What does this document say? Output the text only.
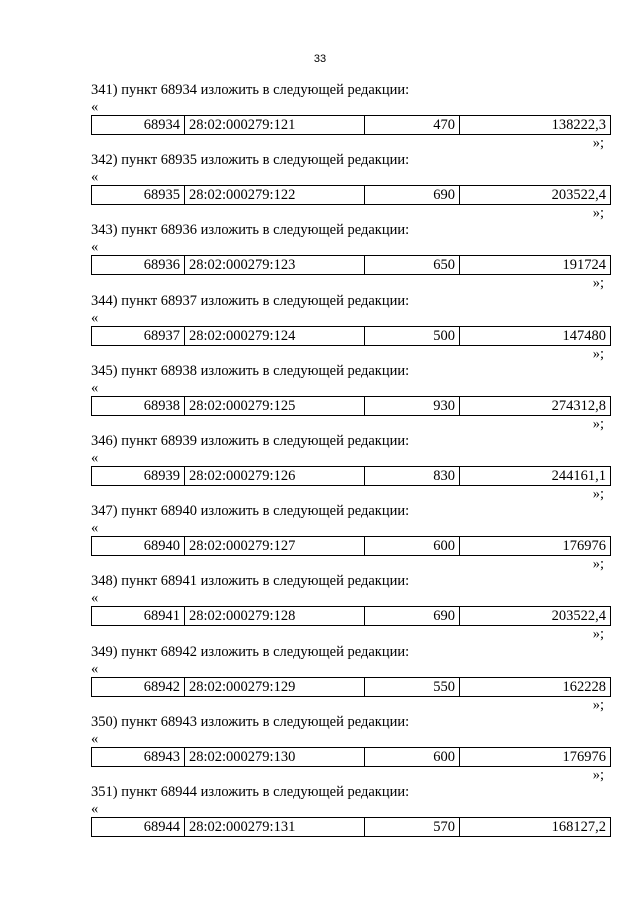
33
341) пункт 68934 изложить в следующей редакции:
«
68934 28:02:000279:121	470	138222,3
»;
342) пункт 68935 изложить в следующей редакции:
«
68935 28:02:000279:122	690	203522,4
»;
343) пункт 68936 изложить в следующей редакции:
«
68936 28:02:000279:123	650	191724
»;
344) пункт 68937 изложить в следующей редакции:
«
68937 28:02:000279:124	500	147480
»;
345) пункт 68938 изложить в следующей редакции:
«
68938 28:02:000279:125	930	274312,8
»;
346) пункт 68939 изложить в следующей редакции:
«
68939 28:02:000279:126	830	244161,1
»;
347) пункт 68940 изложить в следующей редакции:
«
68940 28:02:000279:127	600	176976
»;
348) пункт 68941 изложить в следующей редакции:
«
68941 28:02:000279:128	690	203522,4
»;
349) пункт 68942 изложить в следующей редакции:
«
68942 28:02:000279:129	550	162228
»;
350) пункт 68943 изложить в следующей редакции:
«
68943 28:02:000279:130	600	176976
»;
351) пункт 68944 изложить в следующей редакции:
«
68944 28:02:000279:131	570	168127,2
